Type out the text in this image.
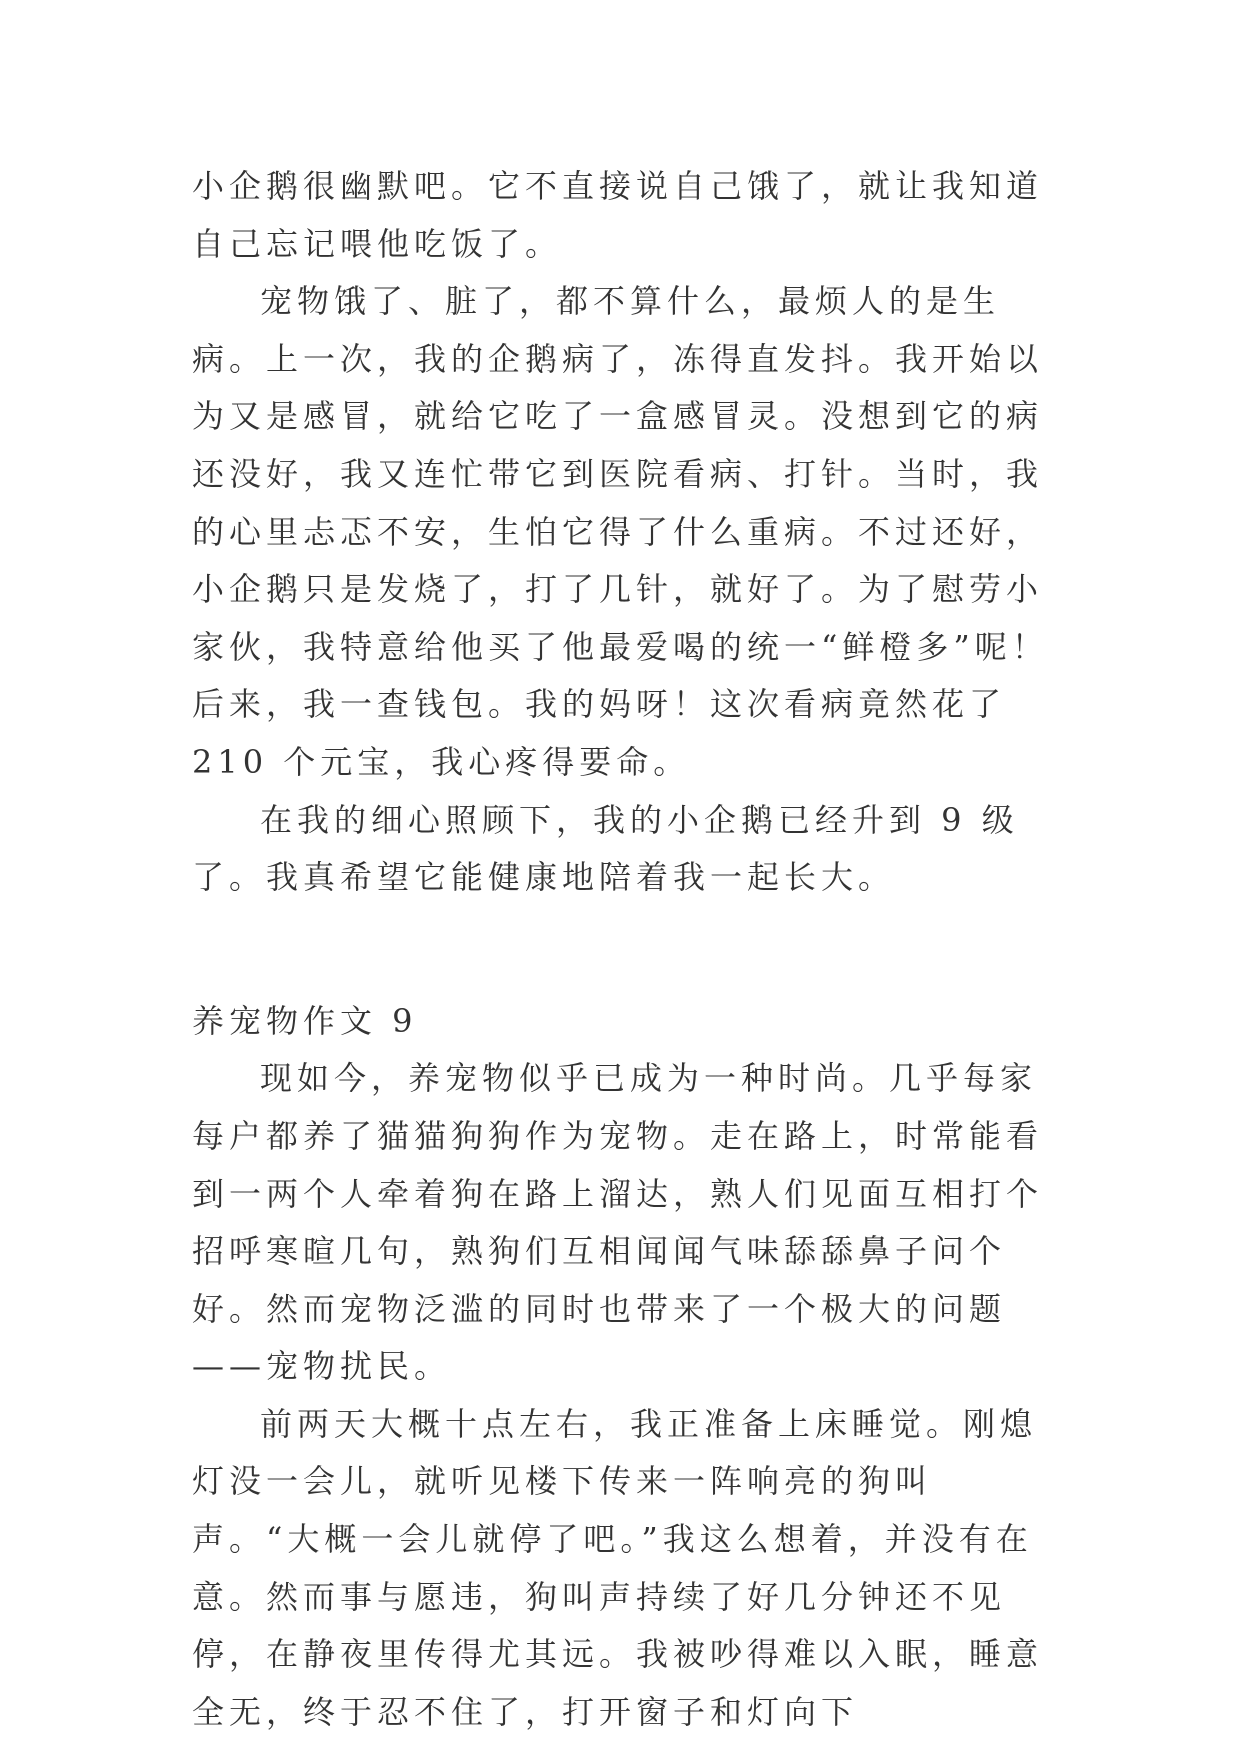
小企鹅很幽默吧。它不直接说自己饿了，就让我知道自己忘记喂他吃饭了。

宠物饿了、脏了，都不算什么，最烦人的是生病。上一次，我的企鹅病了，冻得直发抖。我开始以为又是感冒，就给它吃了一盒感冒灵。没想到它的病还没好，我又连忙带它到医院看病、打针。当时，我的心里忐忑不安，生怕它得了什么重病。不过还好，小企鹅只是发烧了，打了几针，就好了。为了慰劳小家伙，我特意给他买了他最爱喝的统一“鲜橙多”呢！后来，我一查钱包。我的妈呀！这次看病竟然花了 210 个元宝，我心疼得要命。

在我的细心照顾下，我的小企鹅已经升到 9 级了。我真希望它能健康地陪着我一起长大。

养宠物作文 9

现如今，养宠物似乎已成为一种时尚。几乎每家每户都养了猫猫狗狗作为宠物。走在路上，时常能看到一两个人牵着狗在路上溜达，熟人们见面互相打个招呼寒暄几句，熟狗们互相闻闻气味舔舔鼻子问个好。然而宠物泛滥的同时也带来了一个极大的问题——宠物扰民。

前两天大概十点左右，我正准备上床睡觉。刚熄灯没一会儿，就听见楼下传来一阵响亮的狗叫声。“大概一会儿就停了吧。”我这么想着，并没有在意。然而事与愿违，狗叫声持续了好几分钟还不见停，在静夜里传得尤其远。我被吵得难以入眠，睡意全无，终于忍不住了，打开窗子和灯向下
